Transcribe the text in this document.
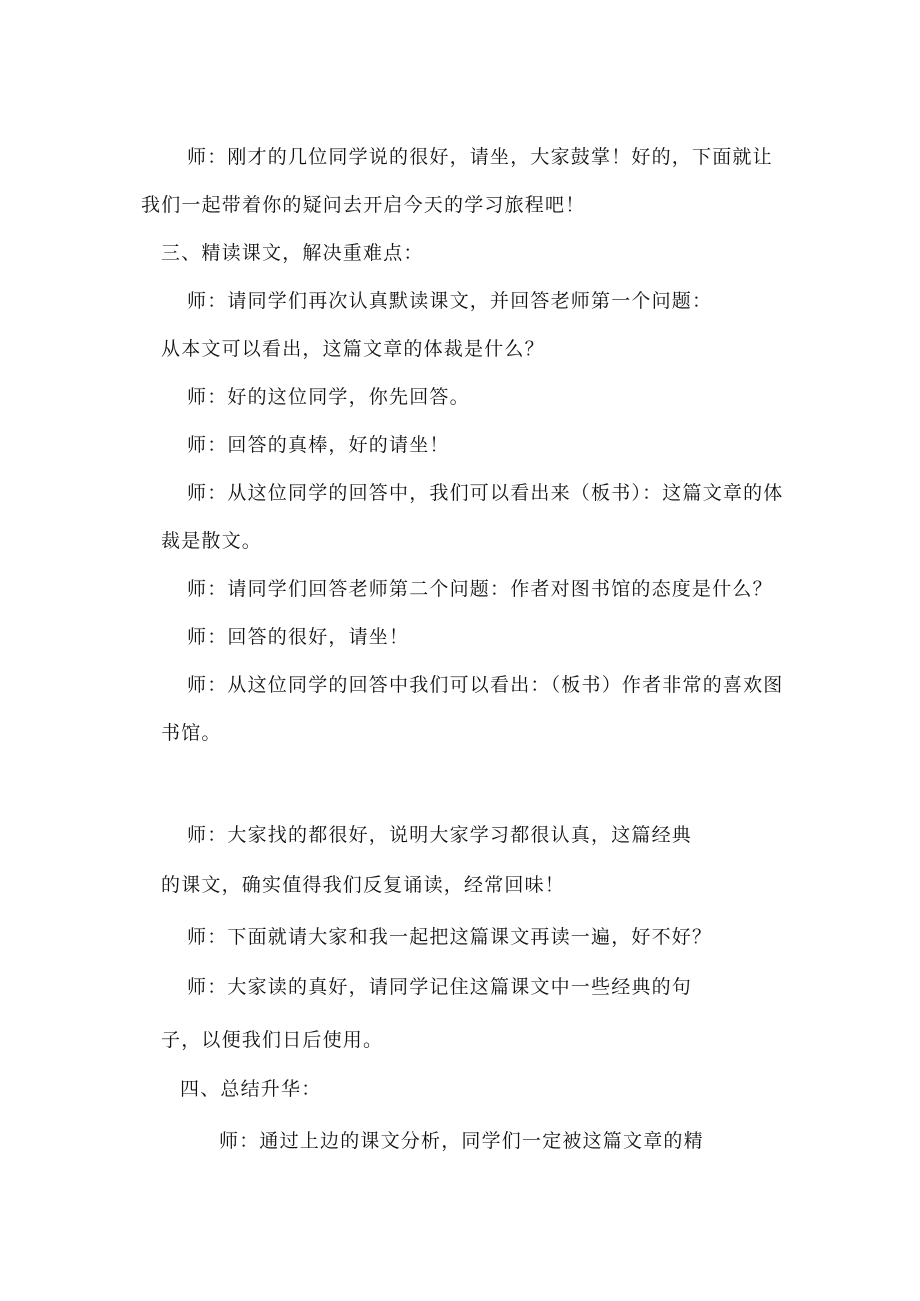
师：刚才的几位同学说的很好，请坐，大家鼓掌！好的，下面就让
我们一起带着你的疑问去开启今天的学习旅程吧！
三、精读课文，解决重难点：
师：请同学们再次认真默读课文，并回答老师第一个问题：
从本文可以看出，这篇文章的体裁是什么？
师：好的这位同学，你先回答。
师：回答的真棒，好的请坐！
师：从这位同学的回答中，我们可以看出来（板书）：这篇文章的体
裁是散文。
师：请同学们回答老师第二个问题：作者对图书馆的态度是什么？
师：回答的很好，请坐！
师：从这位同学的回答中我们可以看出：（板书）作者非常的喜欢图
书馆。
师：大家找的都很好，说明大家学习都很认真，这篇经典
的课文，确实值得我们反复诵读，经常回味！
师：下面就请大家和我一起把这篇课文再读一遍，好不好？
师：大家读的真好，请同学记住这篇课文中一些经典的句
子，以便我们日后使用。
四、总结升华：
师：通过上边的课文分析，同学们一定被这篇文章的精
